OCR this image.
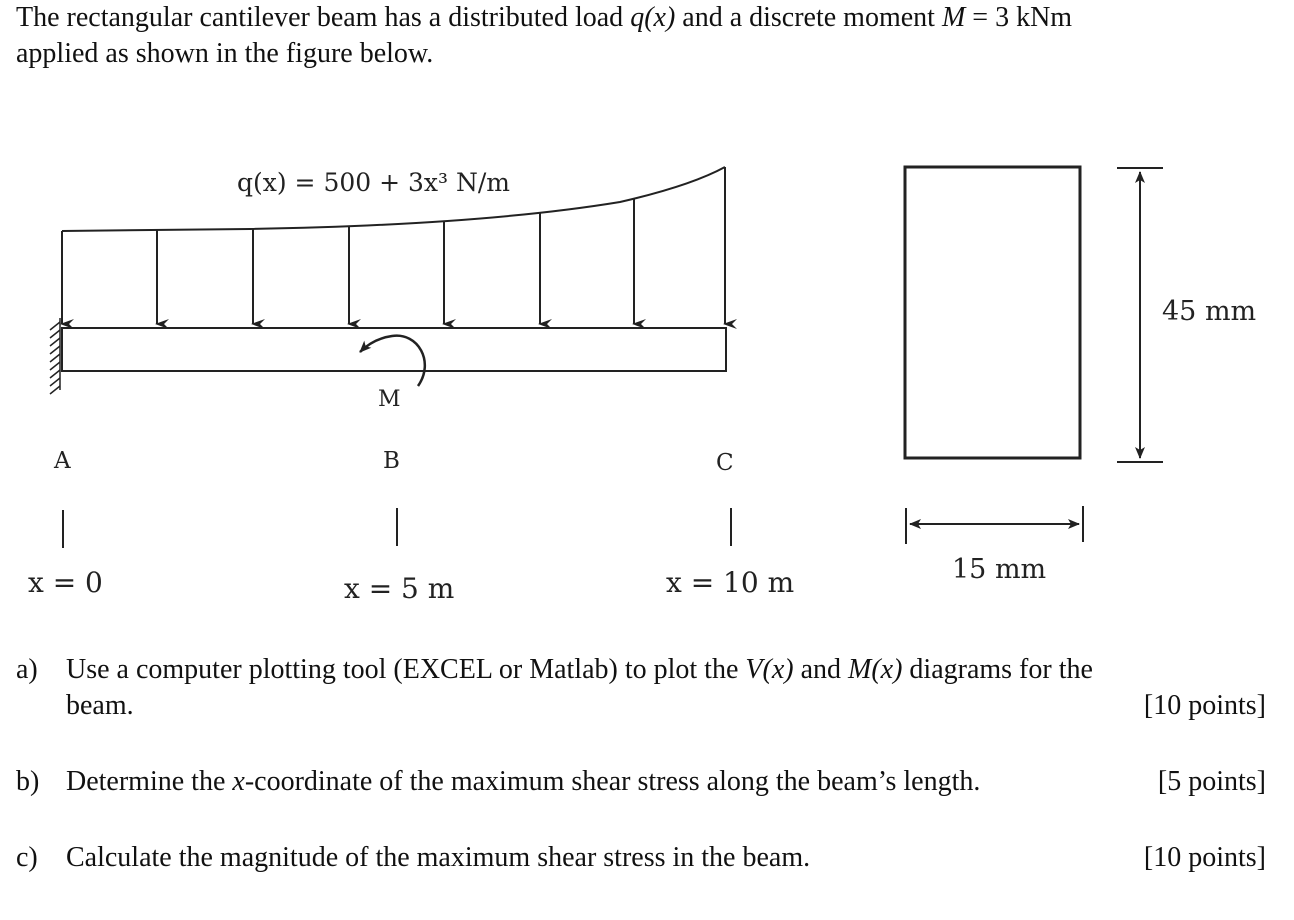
The rectangular cantilever beam has a distributed load q(x) and a discrete moment M = 3 kNm

applied as shown in the figure below.

q(x) = 500 + 3x³ N/m
M
A	B	C
x = 0	x = 5 m	x = 10 m
45 mm
15 mm
a) Use a computer plotting tool (EXCEL or Matlab) to plot the V(x) and M(x) diagrams for the
beam.	[10 points]
b) Determine the x-coordinate of the maximum shear stress along the beam’s length.	[5 points]
c) Calculate the magnitude of the maximum shear stress in the beam.	[10 points]
